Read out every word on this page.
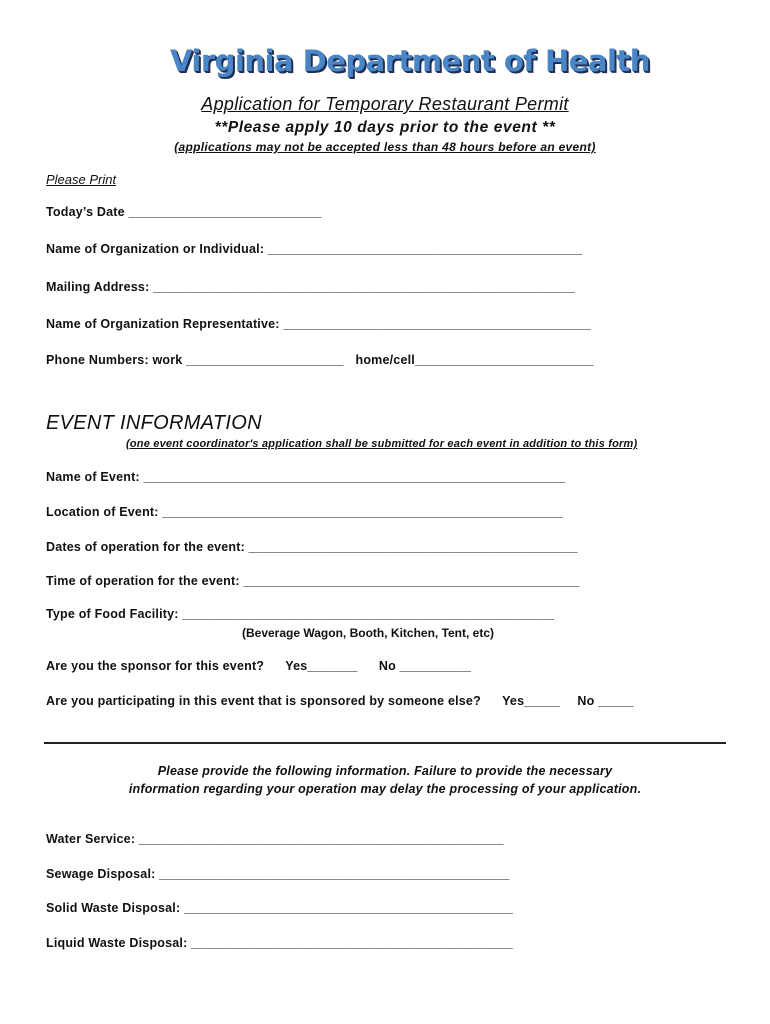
Virginia Department of Health
Application for Temporary Restaurant Permit
**Please apply 10 days prior to the event **
(applications may not be accepted less than 48 hours before an event)
Please Print
Today’s Date ___________________________
Name of Organization or Individual: ____________________________________________
Mailing Address: ___________________________________________________________
Name of Organization Representative: ___________________________________________
Phone Numbers: work ______________________ home/cell_________________________
EVENT INFORMATION
(one event coordinator's application shall be submitted for each event in addition to this form)
Name of Event: ___________________________________________________________
Location of Event: ________________________________________________________
Dates of operation for the event: ______________________________________________
Time of operation for the event: _______________________________________________
Type of Food Facility: ____________________________________________________
(Beverage Wagon, Booth, Kitchen, Tent, etc)
Are you the sponsor for this event? Yes_______ No __________
Are you participating in this event that is sponsored by someone else? Yes_____ No _____
Please provide the following information. Failure to provide the necessary
information regarding your operation may delay the processing of your application.
Water Service: ___________________________________________________
Sewage Disposal: _________________________________________________
Solid Waste Disposal: ______________________________________________
Liquid Waste Disposal: _____________________________________________
